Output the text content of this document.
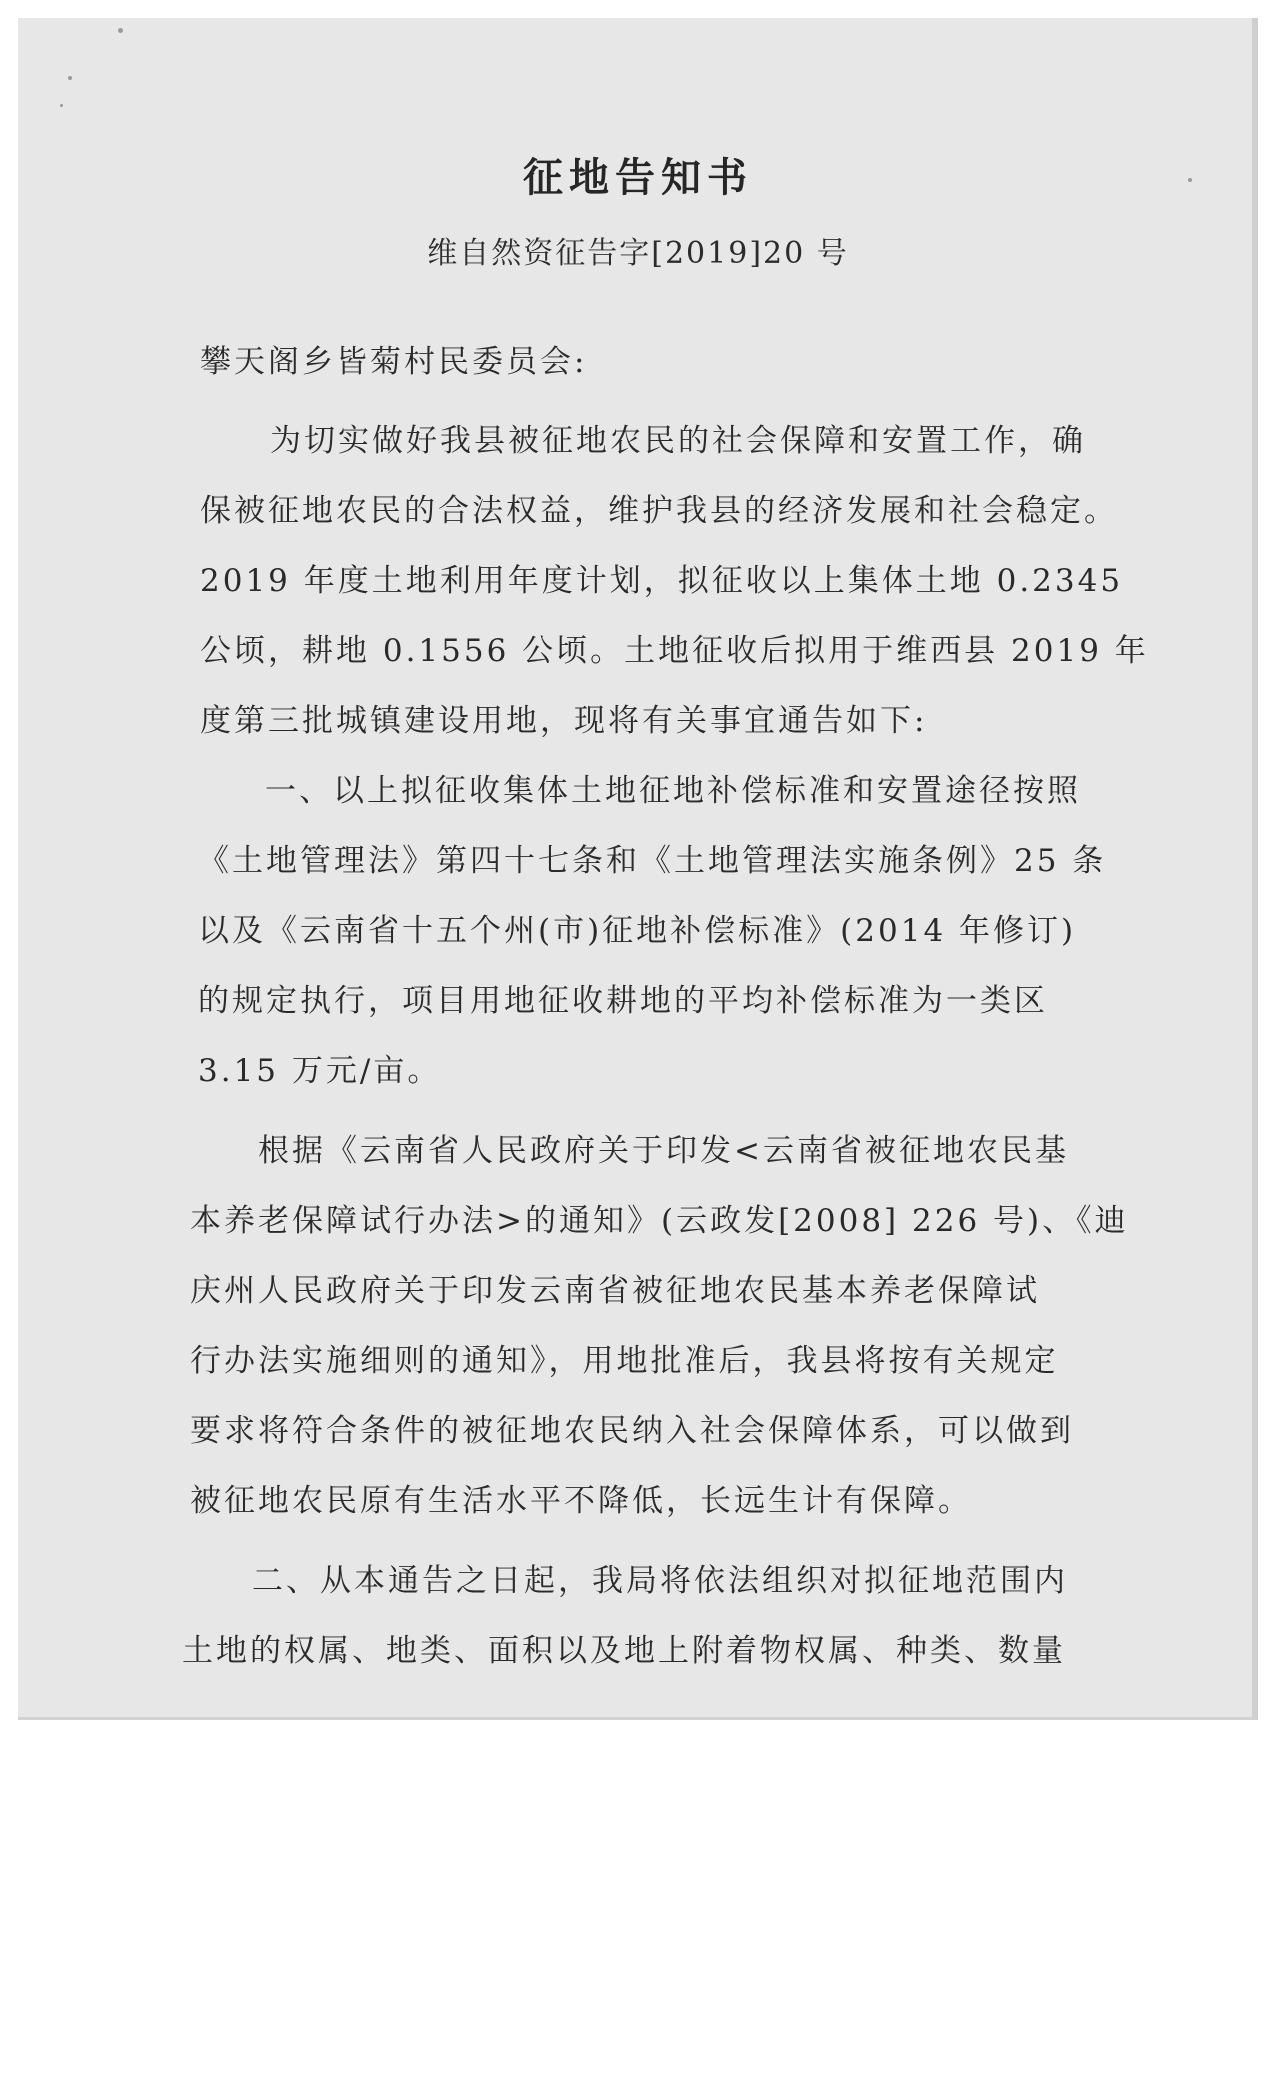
征地告知书

维自然资征告字[2019]20 号

攀天阁乡皆菊村民委员会:

为切实做好我县被征地农民的社会保障和安置工作，确

保被征地农民的合法权益，维护我县的经济发展和社会稳定。

2019 年度土地利用年度计划，拟征收以上集体土地 0.2345

公顷，耕地 0.1556 公顷。土地征收后拟用于维西县 2019 年

度第三批城镇建设用地，现将有关事宜通告如下:

一、以上拟征收集体土地征地补偿标准和安置途径按照

《土地管理法》第四十七条和《土地管理法实施条例》25 条

以及《云南省十五个州(市)征地补偿标准》(2014 年修订)

的规定执行，项目用地征收耕地的平均补偿标准为一类区

3.15 万元/亩。

根据《云南省人民政府关于印发<云南省被征地农民基

本养老保障试行办法>的通知》(云政发[2008] 226 号)、《迪

庆州人民政府关于印发云南省被征地农民基本养老保障试

行办法实施细则的通知》，用地批准后，我县将按有关规定

要求将符合条件的被征地农民纳入社会保障体系，可以做到

被征地农民原有生活水平不降低，长远生计有保障。

二、从本通告之日起，我局将依法组织对拟征地范围内

土地的权属、地类、面积以及地上附着物权属、种类、数量
